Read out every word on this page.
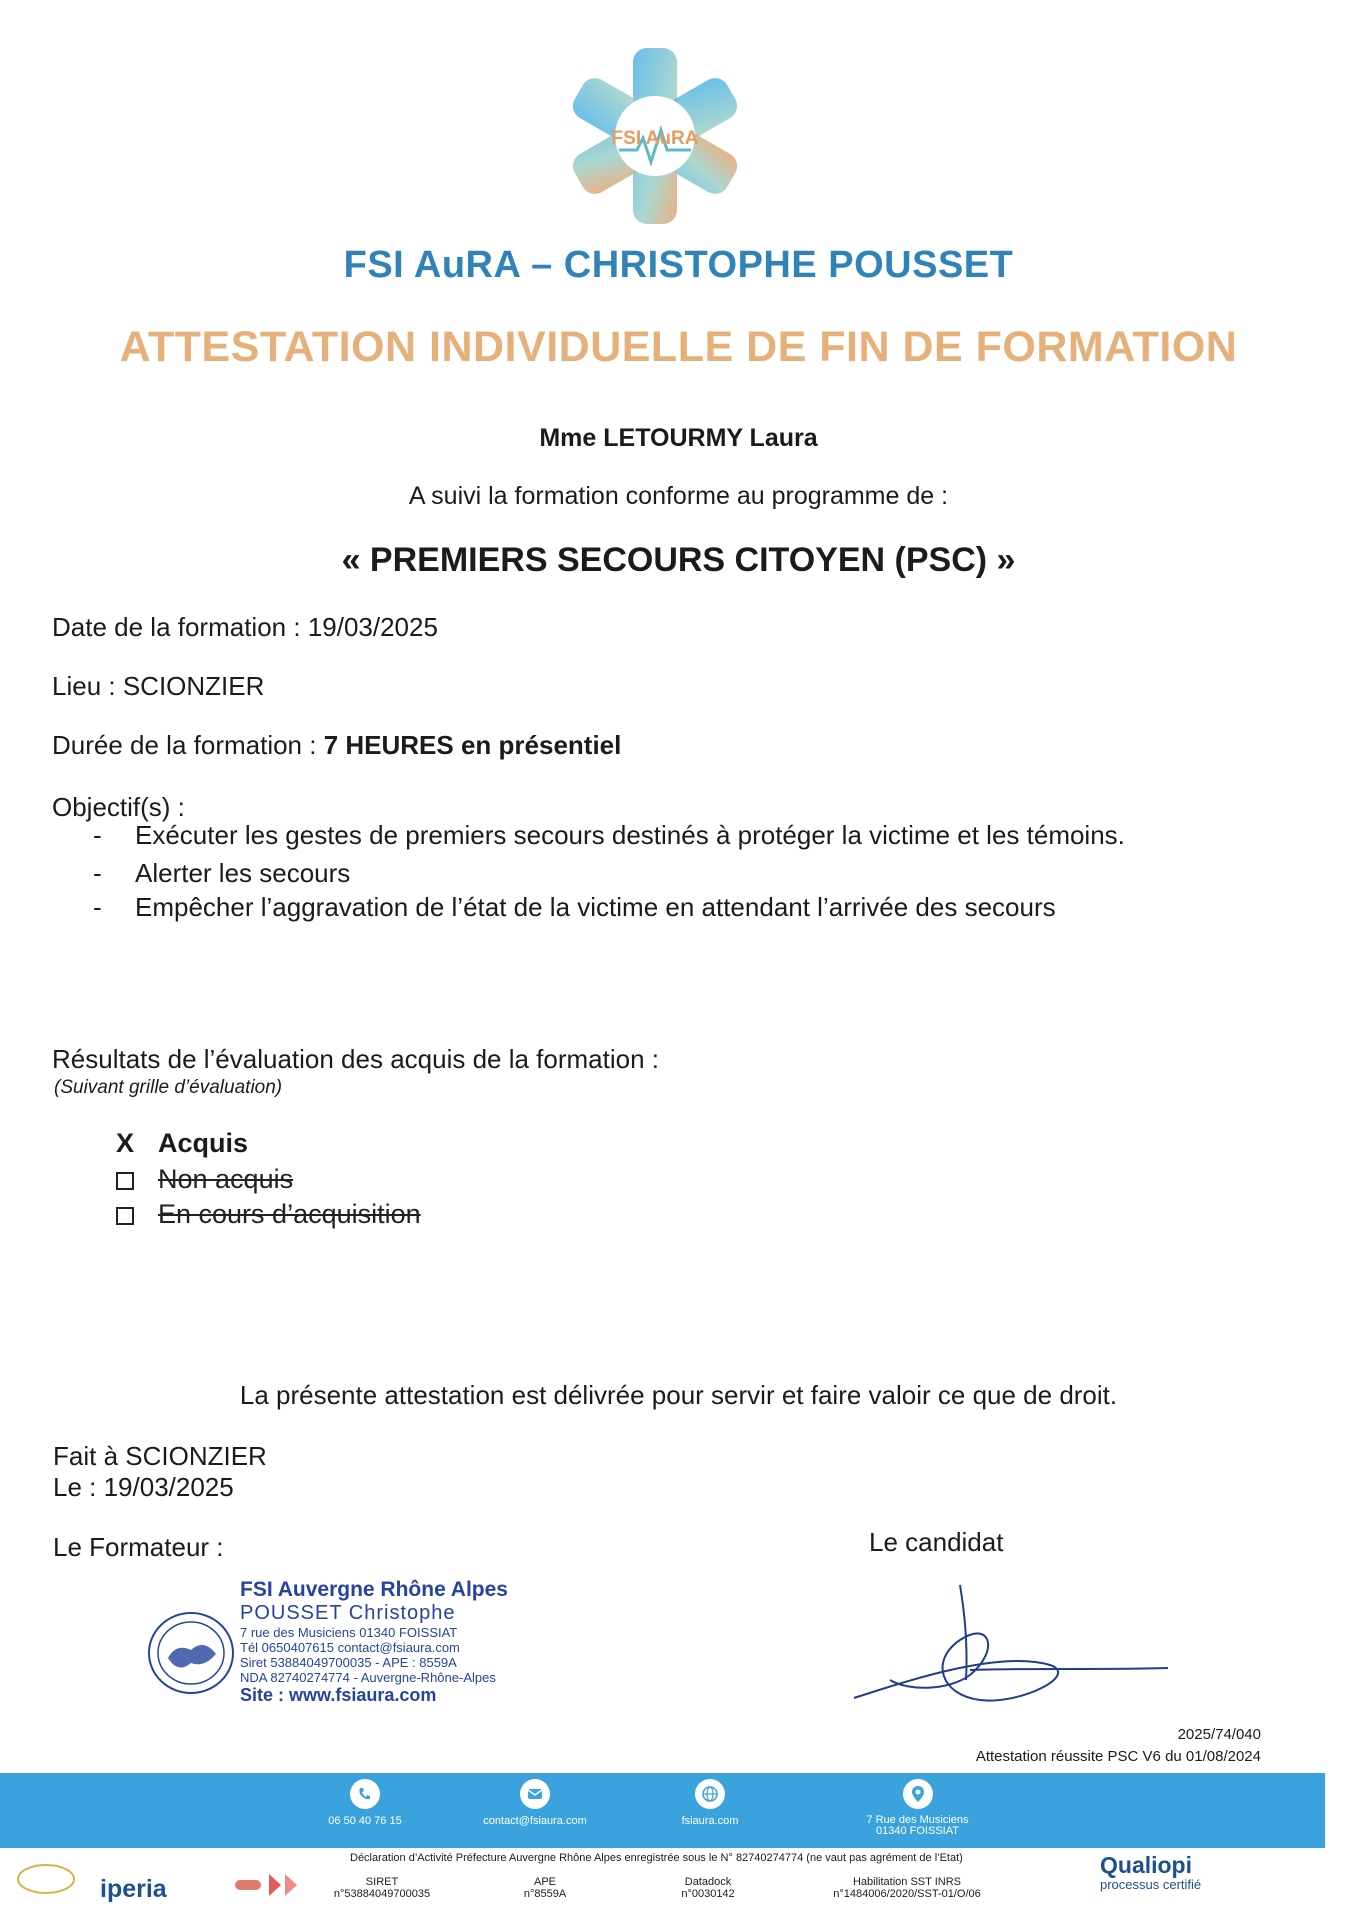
FSI AuRA
FSI AuRA – CHRISTOPHE POUSSET
ATTESTATION INDIVIDUELLE DE FIN DE FORMATION
Mme LETOURMY Laura
A suivi la formation conforme au programme de :
« PREMIERS SECOURS CITOYEN (PSC) »
Date de la formation : 19/03/2025
Lieu : SCIONZIER
Durée de la formation : 7 HEURES en présentiel
Objectif(s) :
- Exécuter les gestes de premiers secours destinés à protéger la victime et les témoins.
- Alerter les secours
- Empêcher l’aggravation de l’état de la victime en attendant l’arrivée des secours
Résultats de l’évaluation des acquis de la formation :
(Suivant grille d’évaluation)
X Acquis
Non acquis
En cours d’acquisition
La présente attestation est délivrée pour servir et faire valoir ce que de droit.
Fait à SCIONZIER
Le : 19/03/2025
Le Formateur :	Le candidat
FSI Auvergne Rhône Alpes
POUSSET Christophe
7 rue des Musiciens 01340 FOISSIAT
Tél 0650407615 contact@fsiaura.com
Siret 53884049700035 - APE : 8559A
NDA 82740274774 - Auvergne-Rhône-Alpes
Site : www.fsiaura.com
2025/74/040
Attestation réussite PSC V6 du 01/08/2024
06 50 40 76 15	contact@fsiaura.com	fsiaura.com	7 Rue des Musiciens
01340 FOISSIAT
Déclaration d’Activité Préfecture Auvergne Rhône Alpes enregistrée sous le N° 82740274774 (ne vaut pas agrément de l’Etat)
SIRET
n°53884049700035
APE
n°8559A
Datadock
n°0030142
Habilitation SST INRS
n°1484006/2020/SST-01/O/06
iperia
Qualiopi
processus certifié
